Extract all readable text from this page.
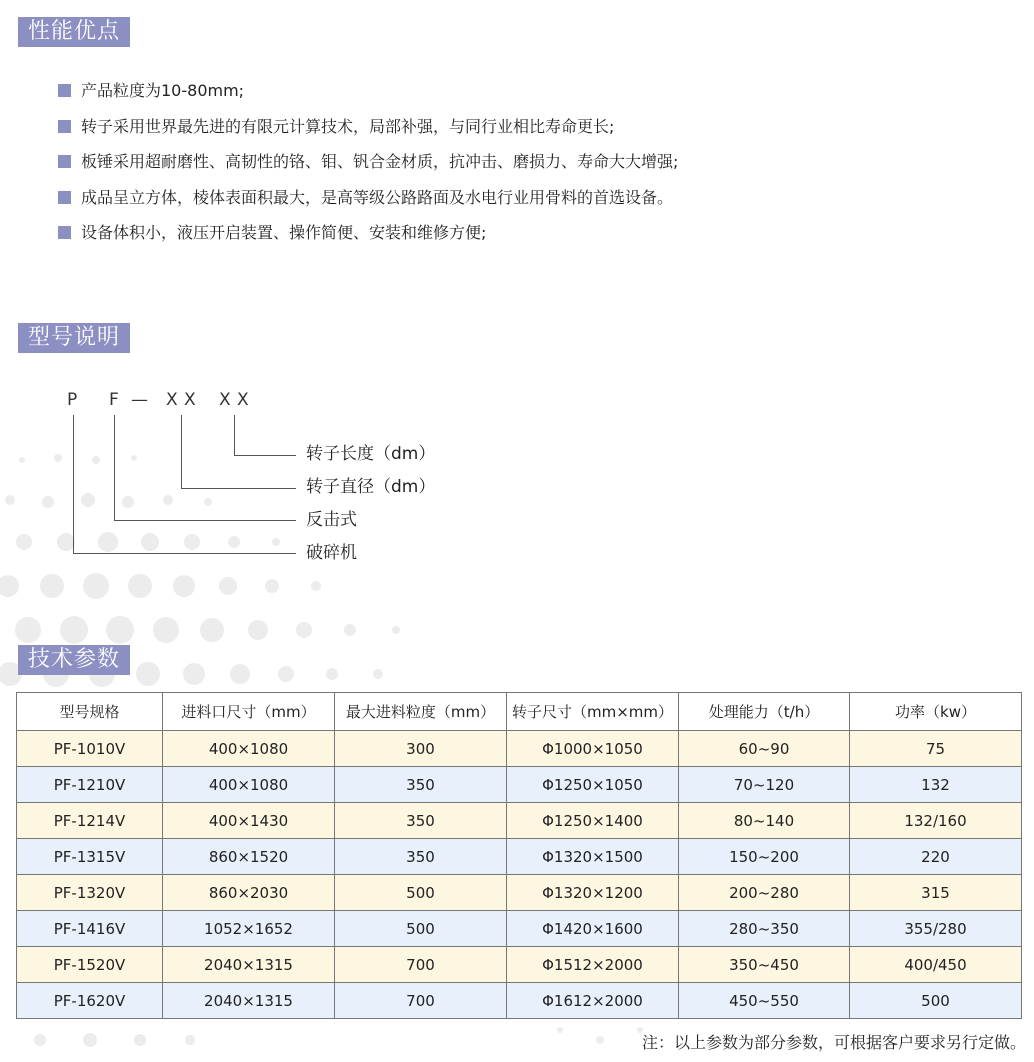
性能优点
产品粒度为10-80mm;
转子采用世界最先进的有限元计算技术，局部补强，与同行业相比寿命更长;
板锤采用超耐磨性、高韧性的铬、钼、钒合金材质，抗冲击、磨损力、寿命大大增强;
成品呈立方体，棱体表面积最大，是高等级公路路面及水电行业用骨料的首选设备。
设备体积小，液压开启装置、操作简便、安装和维修方便;
型号说明
P F — X X X X
转子长度（dm）
转子直径（dm）
反击式
破碎机
技术参数
型号规格	进料口尺寸（mm）	最大进料粒度（mm）	转子尺寸（mm×mm）	处理能力（t/h）	功率（kw）
PF-1010V	400×1080	300	Φ1000×1050	60~90	75
PF-1210V	400×1080	350	Φ1250×1050	70~120	132
PF-1214V	400×1430	350	Φ1250×1400	80~140	132/160
PF-1315V	860×1520	350	Φ1320×1500	150~200	220
PF-1320V	860×2030	500	Φ1320×1200	200~280	315
PF-1416V	1052×1652	500	Φ1420×1600	280~350	355/280
PF-1520V	2040×1315	700	Φ1512×2000	350~450	400/450
PF-1620V	2040×1315	700	Φ1612×2000	450~550	500
注：以上参数为部分参数，可根据客户要求另行定做。
